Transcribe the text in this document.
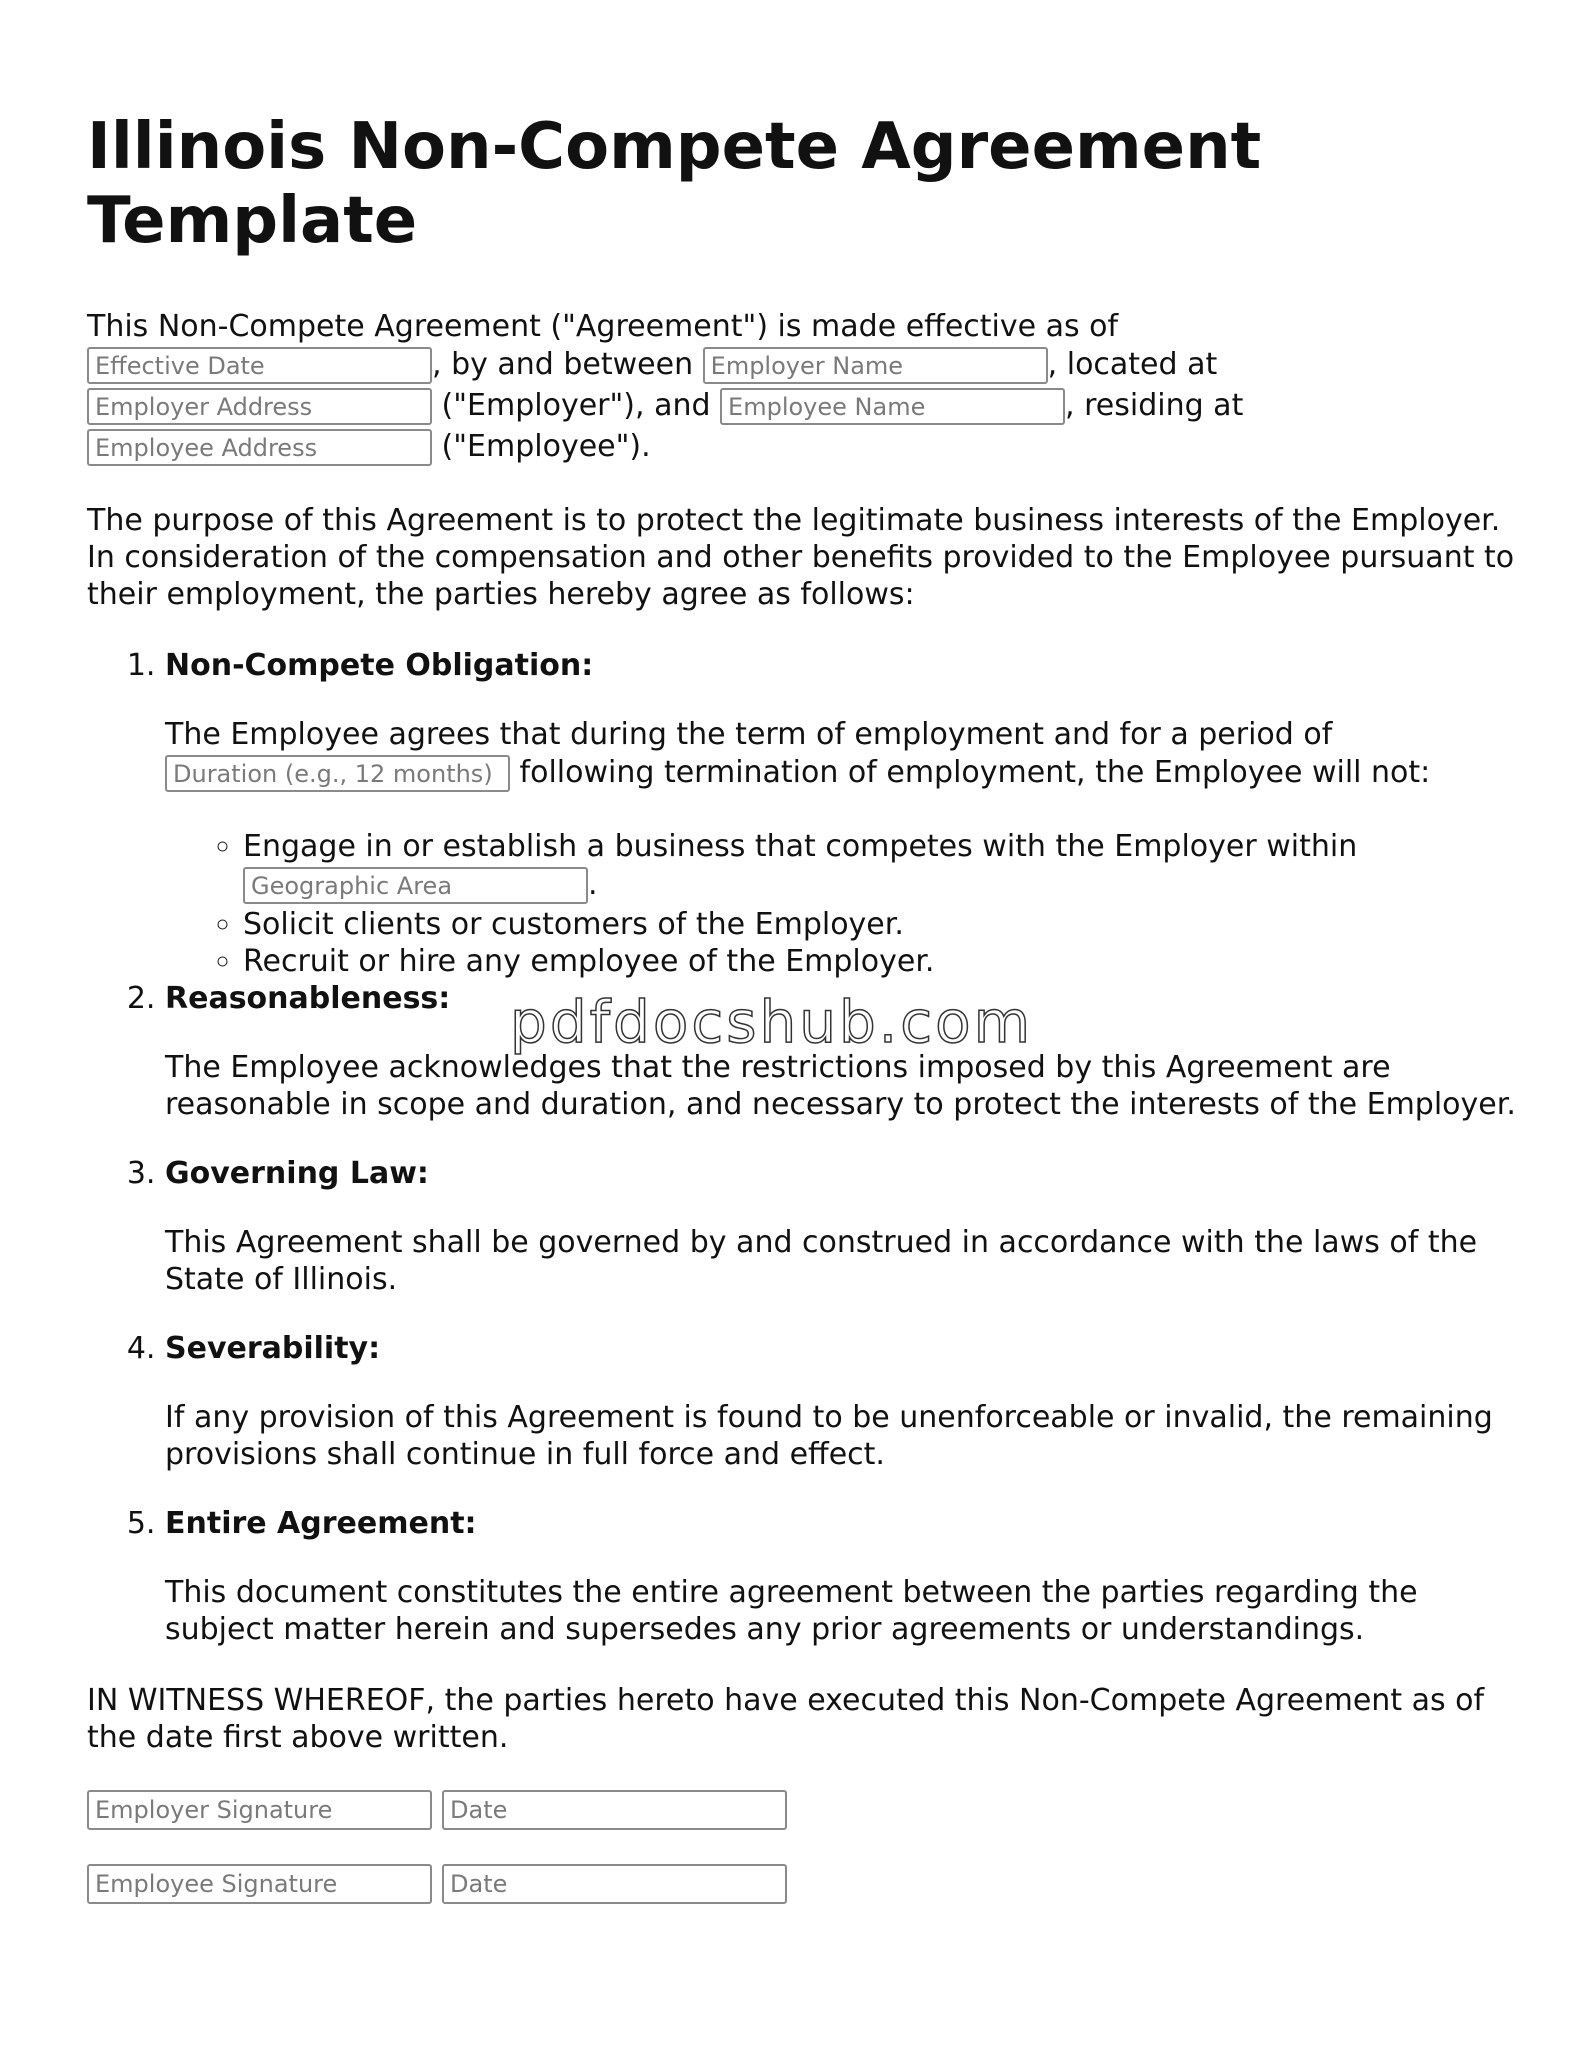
Illinois Non-Compete Agreement Template

This Non-Compete Agreement ("Agreement") is made effective as of
Effective Date, by and between Employer Name	, located at
Employer Address ("Employer"), and Employee Name	, residing at
Employee Address ("Employee").

The purpose of this Agreement is to protect the legitimate business interests of the Employer. In consideration of the compensation and other benefits provided to the Employee pursuant to their employment, the parties hereby agree as follows:

1. Non-Compete Obligation:

The Employee agrees that during the term of employment and for a period of
Duration (e.g., 12 months) following termination of employment, the Employee will not:

◦ Engage in or establish a business that competes with the Employer within
Geographic Area.
◦ Solicit clients or customers of the Employer.
◦ Recruit or hire any employee of the Employer.
2. Reasonableness:

The Employee acknowledges that the restrictions imposed by this Agreement are reasonable in scope and duration, and necessary to protect the interests of the Employer.

3. Governing Law:

This Agreement shall be governed by and construed in accordance with the laws of the State of Illinois.

4. Severability:

If any provision of this Agreement is found to be unenforceable or invalid, the remaining provisions shall continue in full force and effect.

5. Entire Agreement:

This document constitutes the entire agreement between the parties regarding the subject matter herein and supersedes any prior agreements or understandings.

IN WITNESS WHEREOF, the parties hereto have executed this Non-Compete Agreement as of the date first above written.

Employer Signature
Date
Employee Signature
Date
pdfdocshub.com
